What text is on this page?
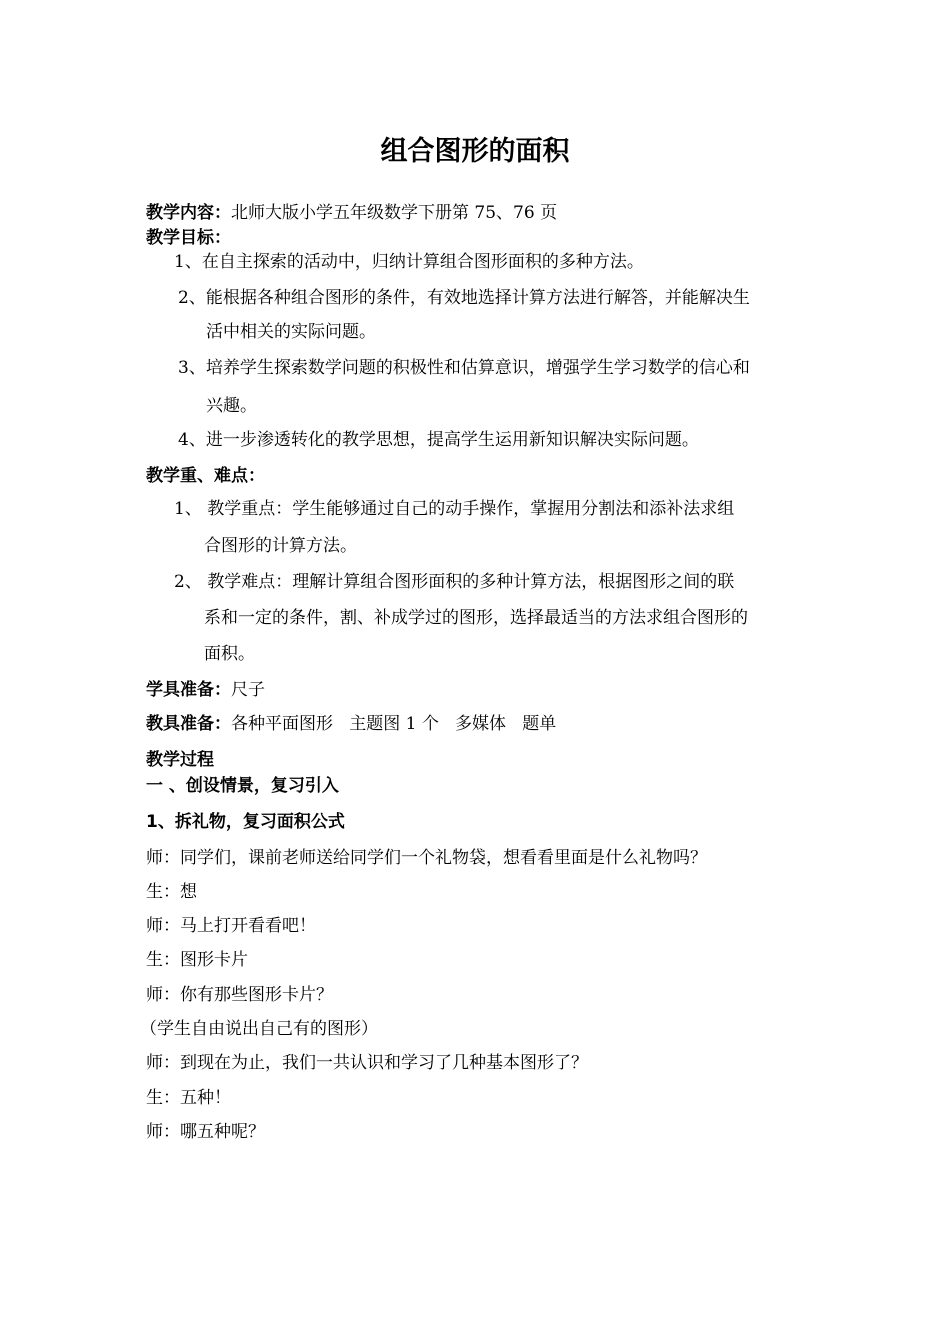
组合图形的面积
教学内容：北师大版小学五年级数学下册第 75、76 页
教学目标：
1、在自主探索的活动中，归纳计算组合图形面积的多种方法。
2、能根据各种组合图形的条件，有效地选择计算方法进行解答，并能解决生
活中相关的实际问题。
3、培养学生探索数学问题的积极性和估算意识，增强学生学习数学的信心和
兴趣。
4、进一步渗透转化的教学思想，提高学生运用新知识解决实际问题。
教学重、难点：
1、 教学重点：学生能够通过自己的动手操作，掌握用分割法和添补法求组
合图形的计算方法。
2、 教学难点：理解计算组合图形面积的多种计算方法，根据图形之间的联
系和一定的条件，割、补成学过的图形，选择最适当的方法求组合图形的
面积。
学具准备：尺子
教具准备：各种平面图形   主题图 1 个   多媒体   题单
教学过程
一 、创设情景，复习引入
1、拆礼物，复习面积公式
师：同学们，课前老师送给同学们一个礼物袋，想看看里面是什么礼物吗？
生：想
师：马上打开看看吧！
生：图形卡片
师：你有那些图形卡片？
（学生自由说出自己有的图形）
师：到现在为止，我们一共认识和学习了几种基本图形了？
生：五种！
师：哪五种呢？
